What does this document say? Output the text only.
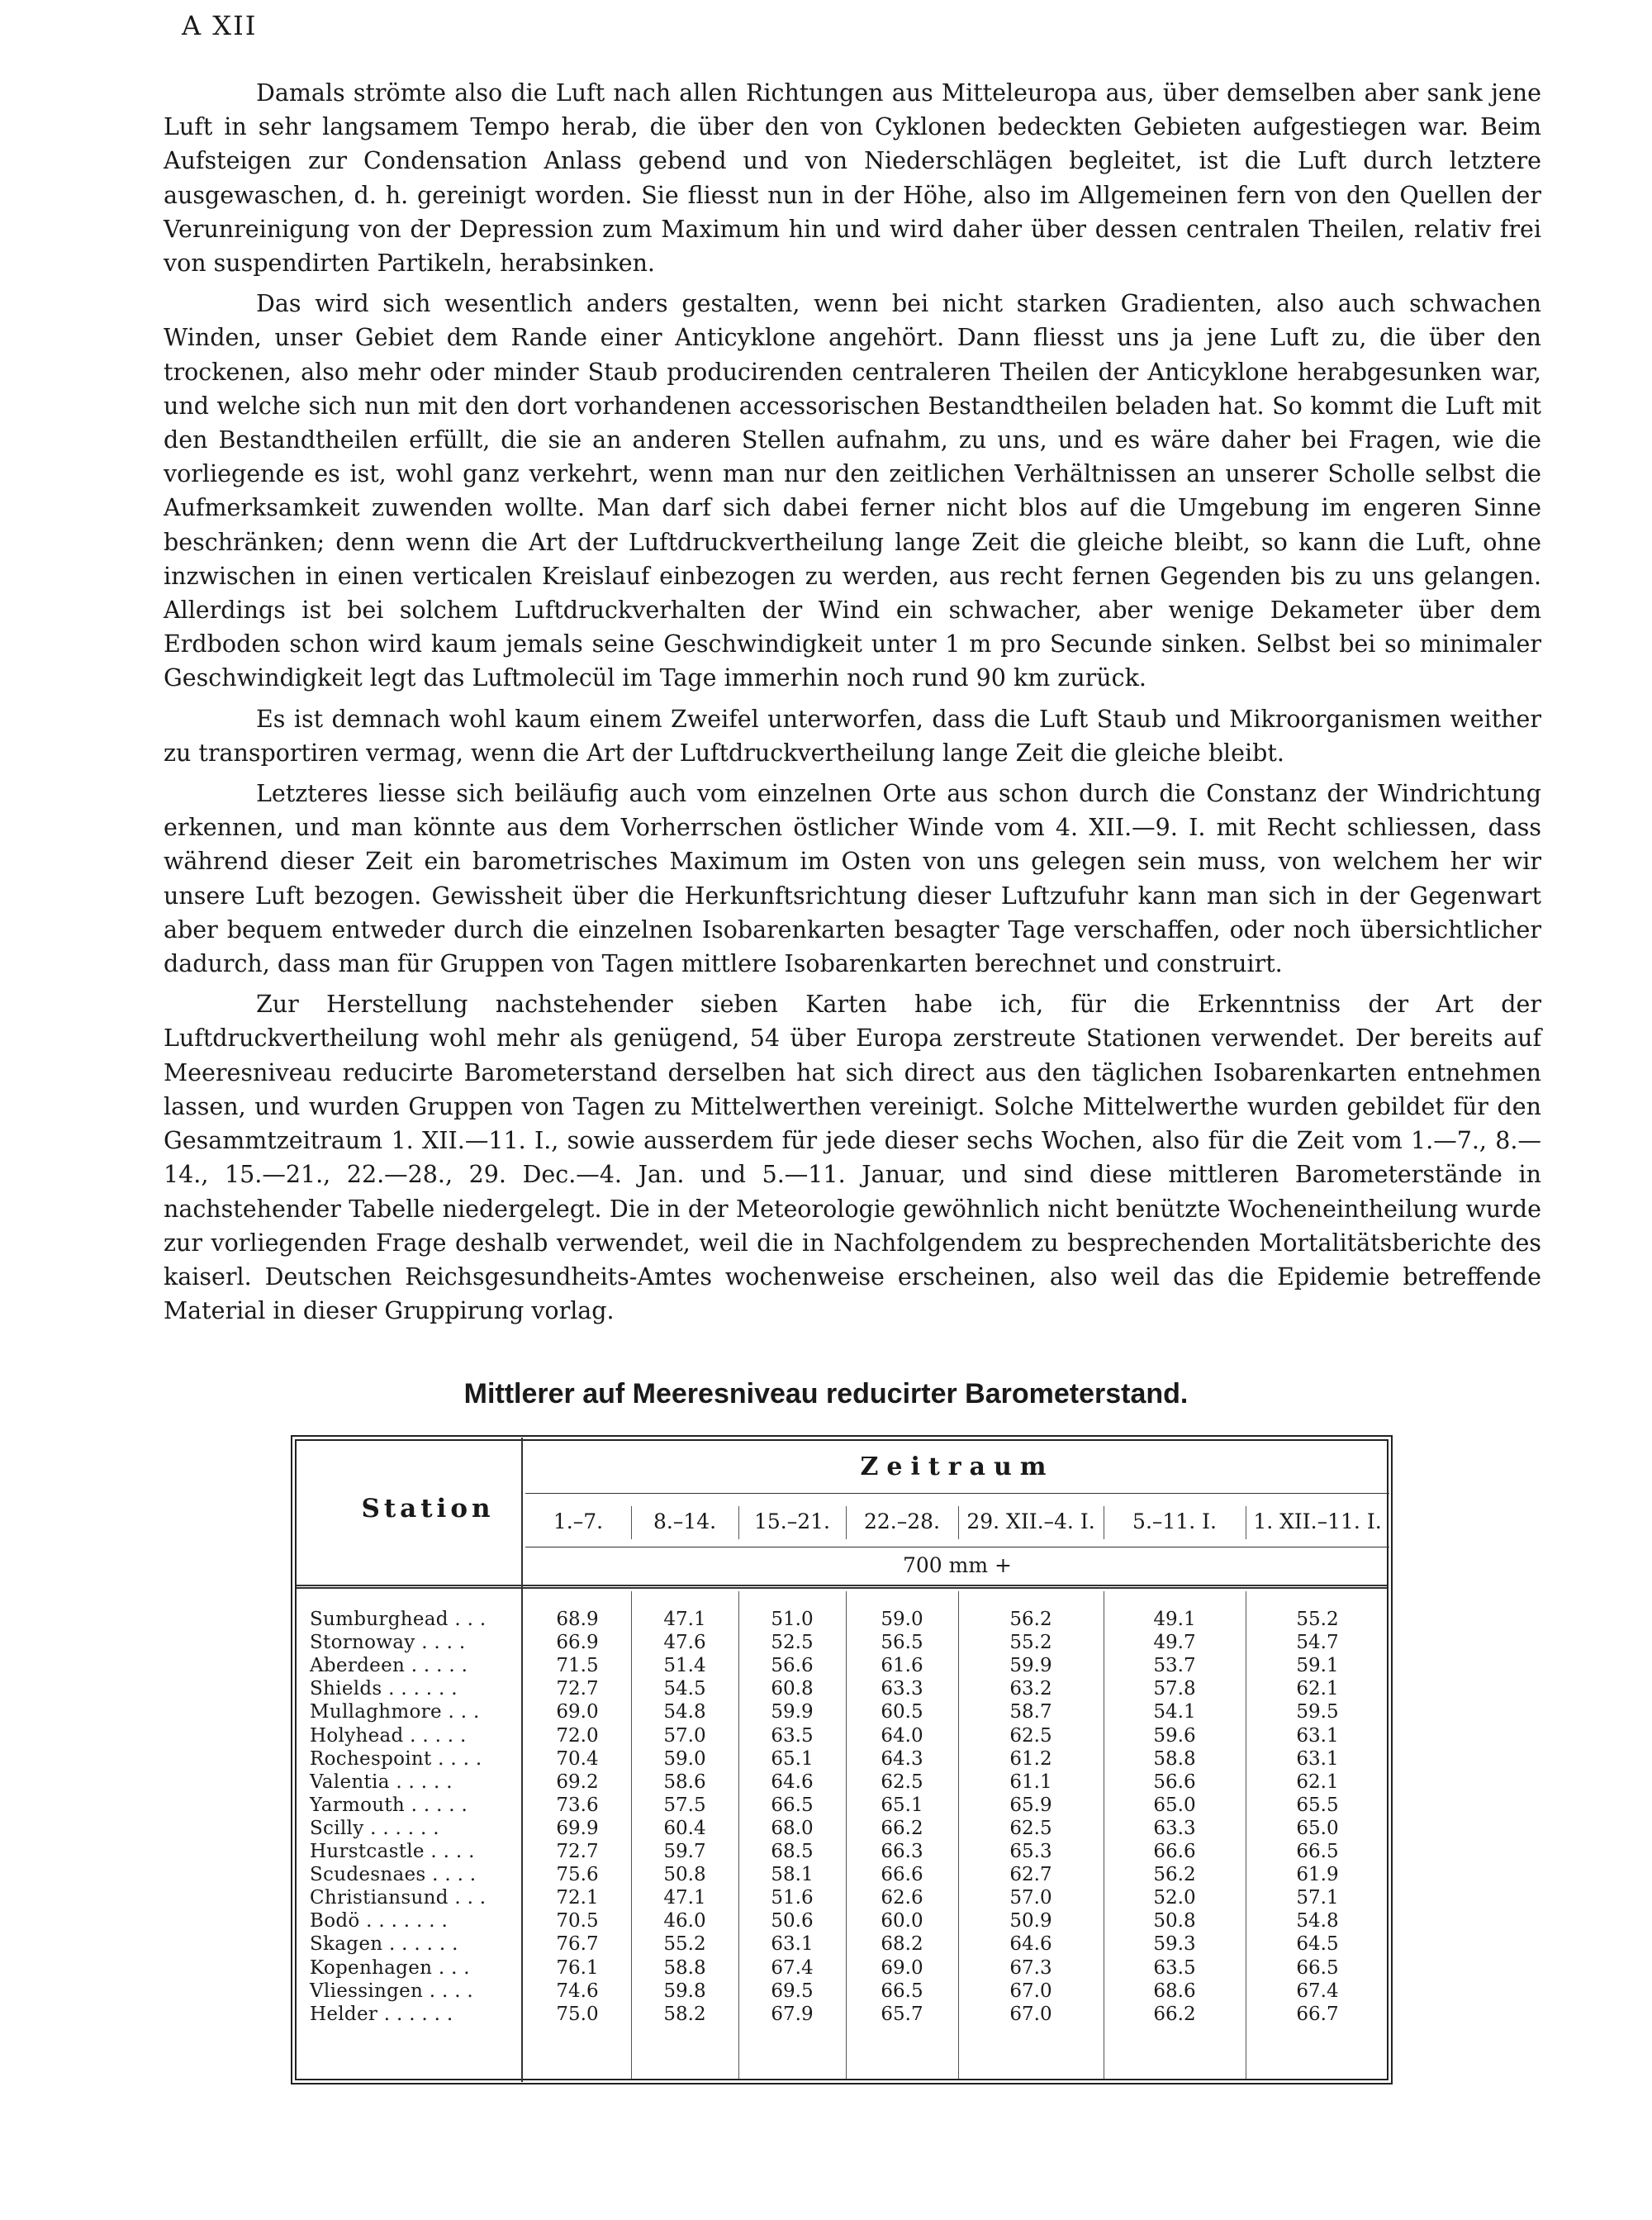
A XII

Damals strömte also die Luft nach allen Richtungen aus Mitteleuropa aus, über demselben aber sank jene Luft in sehr langsamem Tempo herab, die über den von Cyklonen bedeckten Gebieten aufgestiegen war. Beim Aufsteigen zur Condensation Anlass gebend und von Niederschlägen begleitet, ist die Luft durch letztere ausgewaschen, d. h. gereinigt worden. Sie fliesst nun in der Höhe, also im Allgemeinen fern von den Quellen der Verunreinigung von der Depression zum Maximum hin und wird daher über dessen centralen Theilen, relativ frei von suspendirten Partikeln, herabsinken.

Das wird sich wesentlich anders gestalten, wenn bei nicht starken Gradienten, also auch schwachen Winden, unser Gebiet dem Rande einer Anticyklone angehört. Dann fliesst uns ja jene Luft zu, die über den trockenen, also mehr oder minder Staub producirenden centraleren Theilen der Anticyklone herabgesunken war, und welche sich nun mit den dort vorhandenen accessorischen Bestandtheilen beladen hat. So kommt die Luft mit den Bestandtheilen erfüllt, die sie an anderen Stellen aufnahm, zu uns, und es wäre daher bei Fragen, wie die vorliegende es ist, wohl ganz verkehrt, wenn man nur den zeitlichen Verhältnissen an unserer Scholle selbst die Aufmerksamkeit zuwenden wollte. Man darf sich dabei ferner nicht blos auf die Umgebung im engeren Sinne beschränken; denn wenn die Art der Luftdruckvertheilung lange Zeit die gleiche bleibt, so kann die Luft, ohne inzwischen in einen verticalen Kreislauf einbezogen zu werden, aus recht fernen Gegenden bis zu uns gelangen. Allerdings ist bei solchem Luftdruckverhalten der Wind ein schwacher, aber wenige Dekameter über dem Erdboden schon wird kaum jemals seine Geschwindigkeit unter 1 m pro Secunde sinken. Selbst bei so minimaler Geschwindigkeit legt das Luftmolecül im Tage immerhin noch rund 90 km zurück.

Es ist demnach wohl kaum einem Zweifel unterworfen, dass die Luft Staub und Mikroorganismen weither zu transportiren vermag, wenn die Art der Luftdruckvertheilung lange Zeit die gleiche bleibt.

Letzteres liesse sich beiläufig auch vom einzelnen Orte aus schon durch die Constanz der Windrichtung erkennen, und man könnte aus dem Vorherrschen östlicher Winde vom 4. XII.—9. I. mit Recht schliessen, dass während dieser Zeit ein barometrisches Maximum im Osten von uns gelegen sein muss, von welchem her wir unsere Luft bezogen. Gewissheit über die Herkunftsrichtung dieser Luftzufuhr kann man sich in der Gegenwart aber bequem entweder durch die einzelnen Isobarenkarten besagter Tage verschaffen, oder noch übersichtlicher dadurch, dass man für Gruppen von Tagen mittlere Isobarenkarten berechnet und construirt.

Zur Herstellung nachstehender sieben Karten habe ich, für die Erkenntniss der Art der Luftdruckvertheilung wohl mehr als genügend, 54 über Europa zerstreute Stationen verwendet. Der bereits auf Meeresniveau reducirte Barometerstand derselben hat sich direct aus den täglichen Isobarenkarten entnehmen lassen, und wurden Gruppen von Tagen zu Mittelwerthen vereinigt. Solche Mittelwerthe wurden gebildet für den Gesammtzeitraum 1. XII.—11. I., sowie ausserdem für jede dieser sechs Wochen, also für die Zeit vom 1.—7., 8.—14., 15.—21., 22.—28., 29. Dec.—4. Jan. und 5.—11. Januar, und sind diese mittleren Barometerstände in nachstehender Tabelle niedergelegt. Die in der Meteorologie gewöhnlich nicht benützte Wocheneintheilung wurde zur vorliegenden Frage deshalb verwendet, weil die in Nachfolgendem zu besprechenden Mortalitätsberichte des kaiserl. Deutschen Reichsgesundheits-Amtes wochenweise erscheinen, also weil das die Epidemie betreffende Material in dieser Gruppirung vorlag.

Mittlerer auf Meeresniveau reducirter Barometerstand.
Station
Zeitraum
1.–7.	8.–14.	15.–21.	22.–28.	29. XII.–4. I.	5.–11. I.	1. XII.–11. I.
700 mm +
Sumburghead . . .	68.9	47.1	51.0	59.0	56.2	49.1	55.2
Stornoway . . . .	66.9	47.6	52.5	56.5	55.2	49.7	54.7
Aberdeen . . . . .	71.5	51.4	56.6	61.6	59.9	53.7	59.1
Shields . . . . . .	72.7	54.5	60.8	63.3	63.2	57.8	62.1
Mullaghmore . . .	69.0	54.8	59.9	60.5	58.7	54.1	59.5
Holyhead . . . . .	72.0	57.0	63.5	64.0	62.5	59.6	63.1
Rochespoint . . . .	70.4	59.0	65.1	64.3	61.2	58.8	63.1
Valentia . . . . .	69.2	58.6	64.6	62.5	61.1	56.6	62.1
Yarmouth . . . . .	73.6	57.5	66.5	65.1	65.9	65.0	65.5
Scilly . . . . . .	69.9	60.4	68.0	66.2	62.5	63.3	65.0
Hurstcastle . . . .	72.7	59.7	68.5	66.3	65.3	66.6	66.5
Scudesnaes . . . .	75.6	50.8	58.1	66.6	62.7	56.2	61.9
Christiansund . . .	72.1	47.1	51.6	62.6	57.0	52.0	57.1
Bodö . . . . . . .	70.5	46.0	50.6	60.0	50.9	50.8	54.8
Skagen . . . . . .	76.7	55.2	63.1	68.2	64.6	59.3	64.5
Kopenhagen . . .	76.1	58.8	67.4	69.0	67.3	63.5	66.5
Vliessingen . . . .	74.6	59.8	69.5	66.5	67.0	68.6	67.4
Helder . . . . . .	75.0	58.2	67.9	65.7	67.0	66.2	66.7
